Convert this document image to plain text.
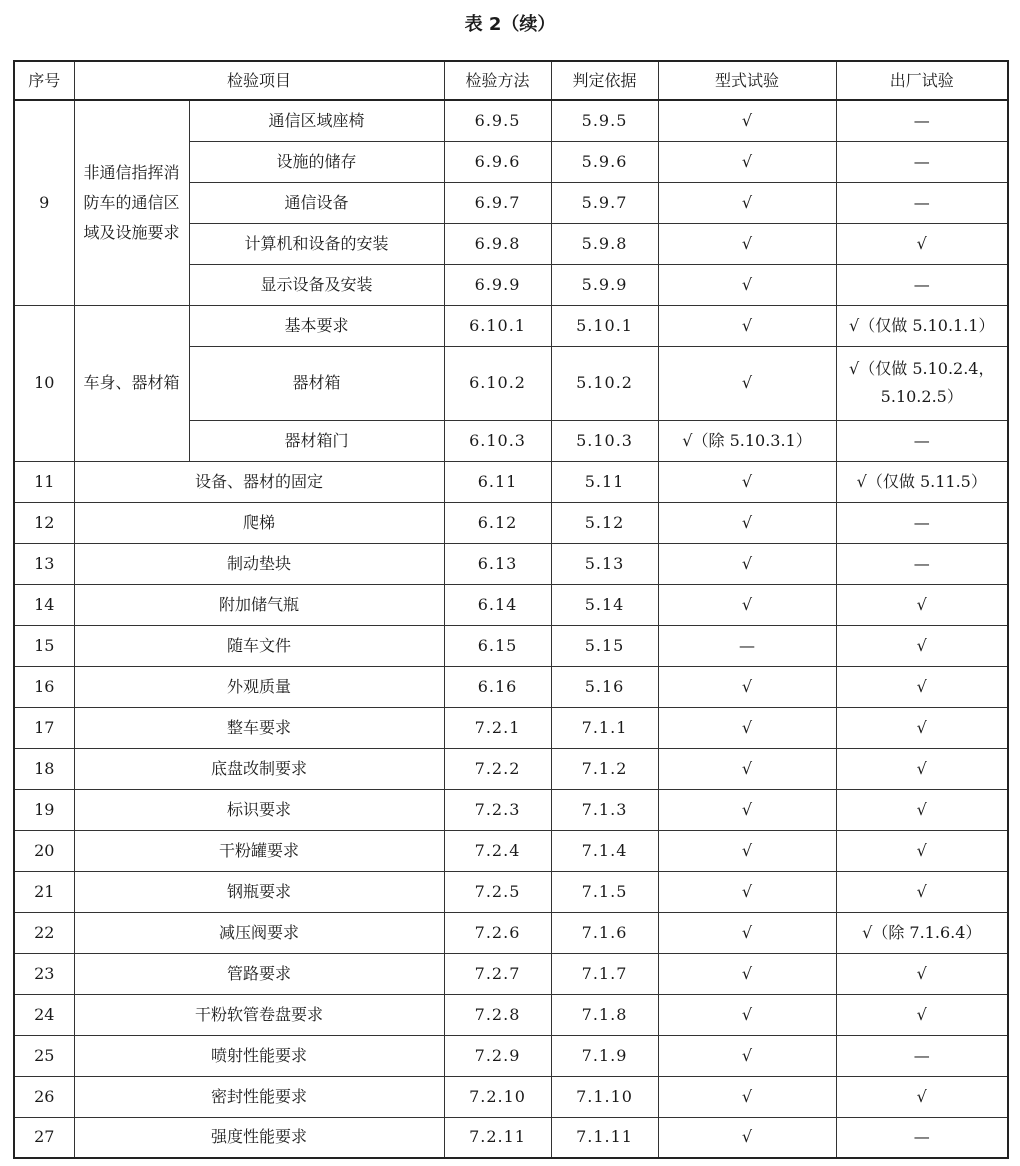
表 2（续）
序号	检验项目		检验方法	判定依据	型式试验	出厂试验
9	非通信指挥消防车的通信区域及设施要求	通信区域座椅	6.9.5	5.9.5	√	—
		设施的储存	6.9.6	5.9.6	√	—
		通信设备	6.9.7	5.9.7	√	—
		计算机和设备的安装	6.9.8	5.9.8	√	√
		显示设备及安装	6.9.9	5.9.9	√	—
10	车身、器材箱	基本要求	6.10.1	5.10.1	√	√（仅做 5.10.1.1）
		器材箱	6.10.2	5.10.2	√	√（仅做 5.10.2.4，5.10.2.5）
		器材箱门	6.10.3	5.10.3	√（除 5.10.3.1）	—
11	设备、器材的固定		6.11	5.11	√	√（仅做 5.11.5）
12	爬梯		6.12	5.12	√	—
13	制动垫块		6.13	5.13	√	—
14	附加储气瓶		6.14	5.14	√	√
15	随车文件		6.15	5.15	—	√
16	外观质量		6.16	5.16	√	√
17	整车要求		7.2.1	7.1.1	√	√
18	底盘改制要求		7.2.2	7.1.2	√	√
19	标识要求		7.2.3	7.1.3	√	√
20	干粉罐要求		7.2.4	7.1.4	√	√
21	钢瓶要求		7.2.5	7.1.5	√	√
22	减压阀要求		7.2.6	7.1.6	√	√（除 7.1.6.4）
23	管路要求		7.2.7	7.1.7	√	√
24	干粉软管卷盘要求		7.2.8	7.1.8	√	√
25	喷射性能要求		7.2.9	7.1.9	√	—
26	密封性能要求		7.2.10	7.1.10	√	√
27	强度性能要求		7.2.11	7.1.11	√	—
